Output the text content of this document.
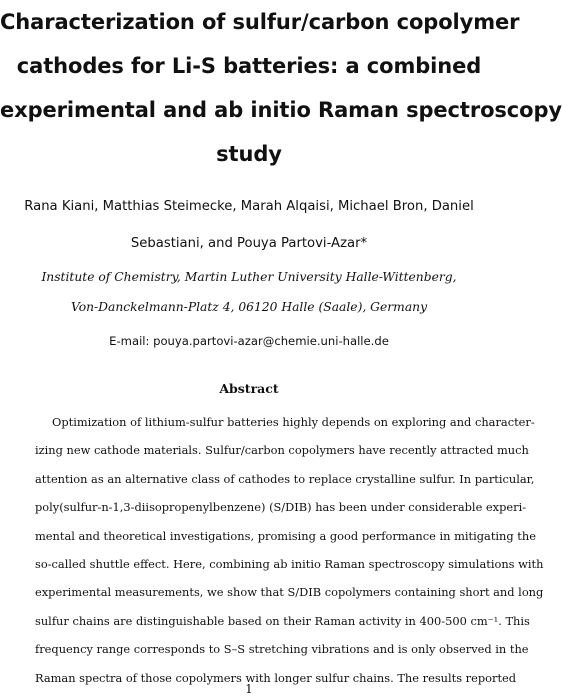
Characterization of sulfur/carbon copolymer
cathodes for Li-S batteries: a combined
experimental and ab initio Raman spectroscopy
study
Rana Kiani, Matthias Steimecke, Marah Alqaisi, Michael Bron, Daniel
Sebastiani, and Pouya Partovi-Azar*
Institute of Chemistry, Martin Luther University Halle-Wittenberg,
Von-Danckelmann-Platz 4, 06120 Halle (Saale), Germany
E-mail: pouya.partovi-azar@chemie.uni-halle.de
Abstract
Optimization of lithium-sulfur batteries highly depends on exploring and character-
izing new cathode materials. Sulfur/carbon copolymers have recently attracted much
attention as an alternative class of cathodes to replace crystalline sulfur. In particular,
poly(sulfur-n-1,3-diisopropenylbenzene) (S/DIB) has been under considerable experi-
mental and theoretical investigations, promising a good performance in mitigating the
so-called shuttle effect. Here, combining ab initio Raman spectroscopy simulations with
experimental measurements, we show that S/DIB copolymers containing short and long
sulfur chains are distinguishable based on their Raman activity in 400-500 cm⁻¹. This
frequency range corresponds to S–S stretching vibrations and is only observed in the
Raman spectra of those copolymers with longer sulfur chains. The results reported
1
